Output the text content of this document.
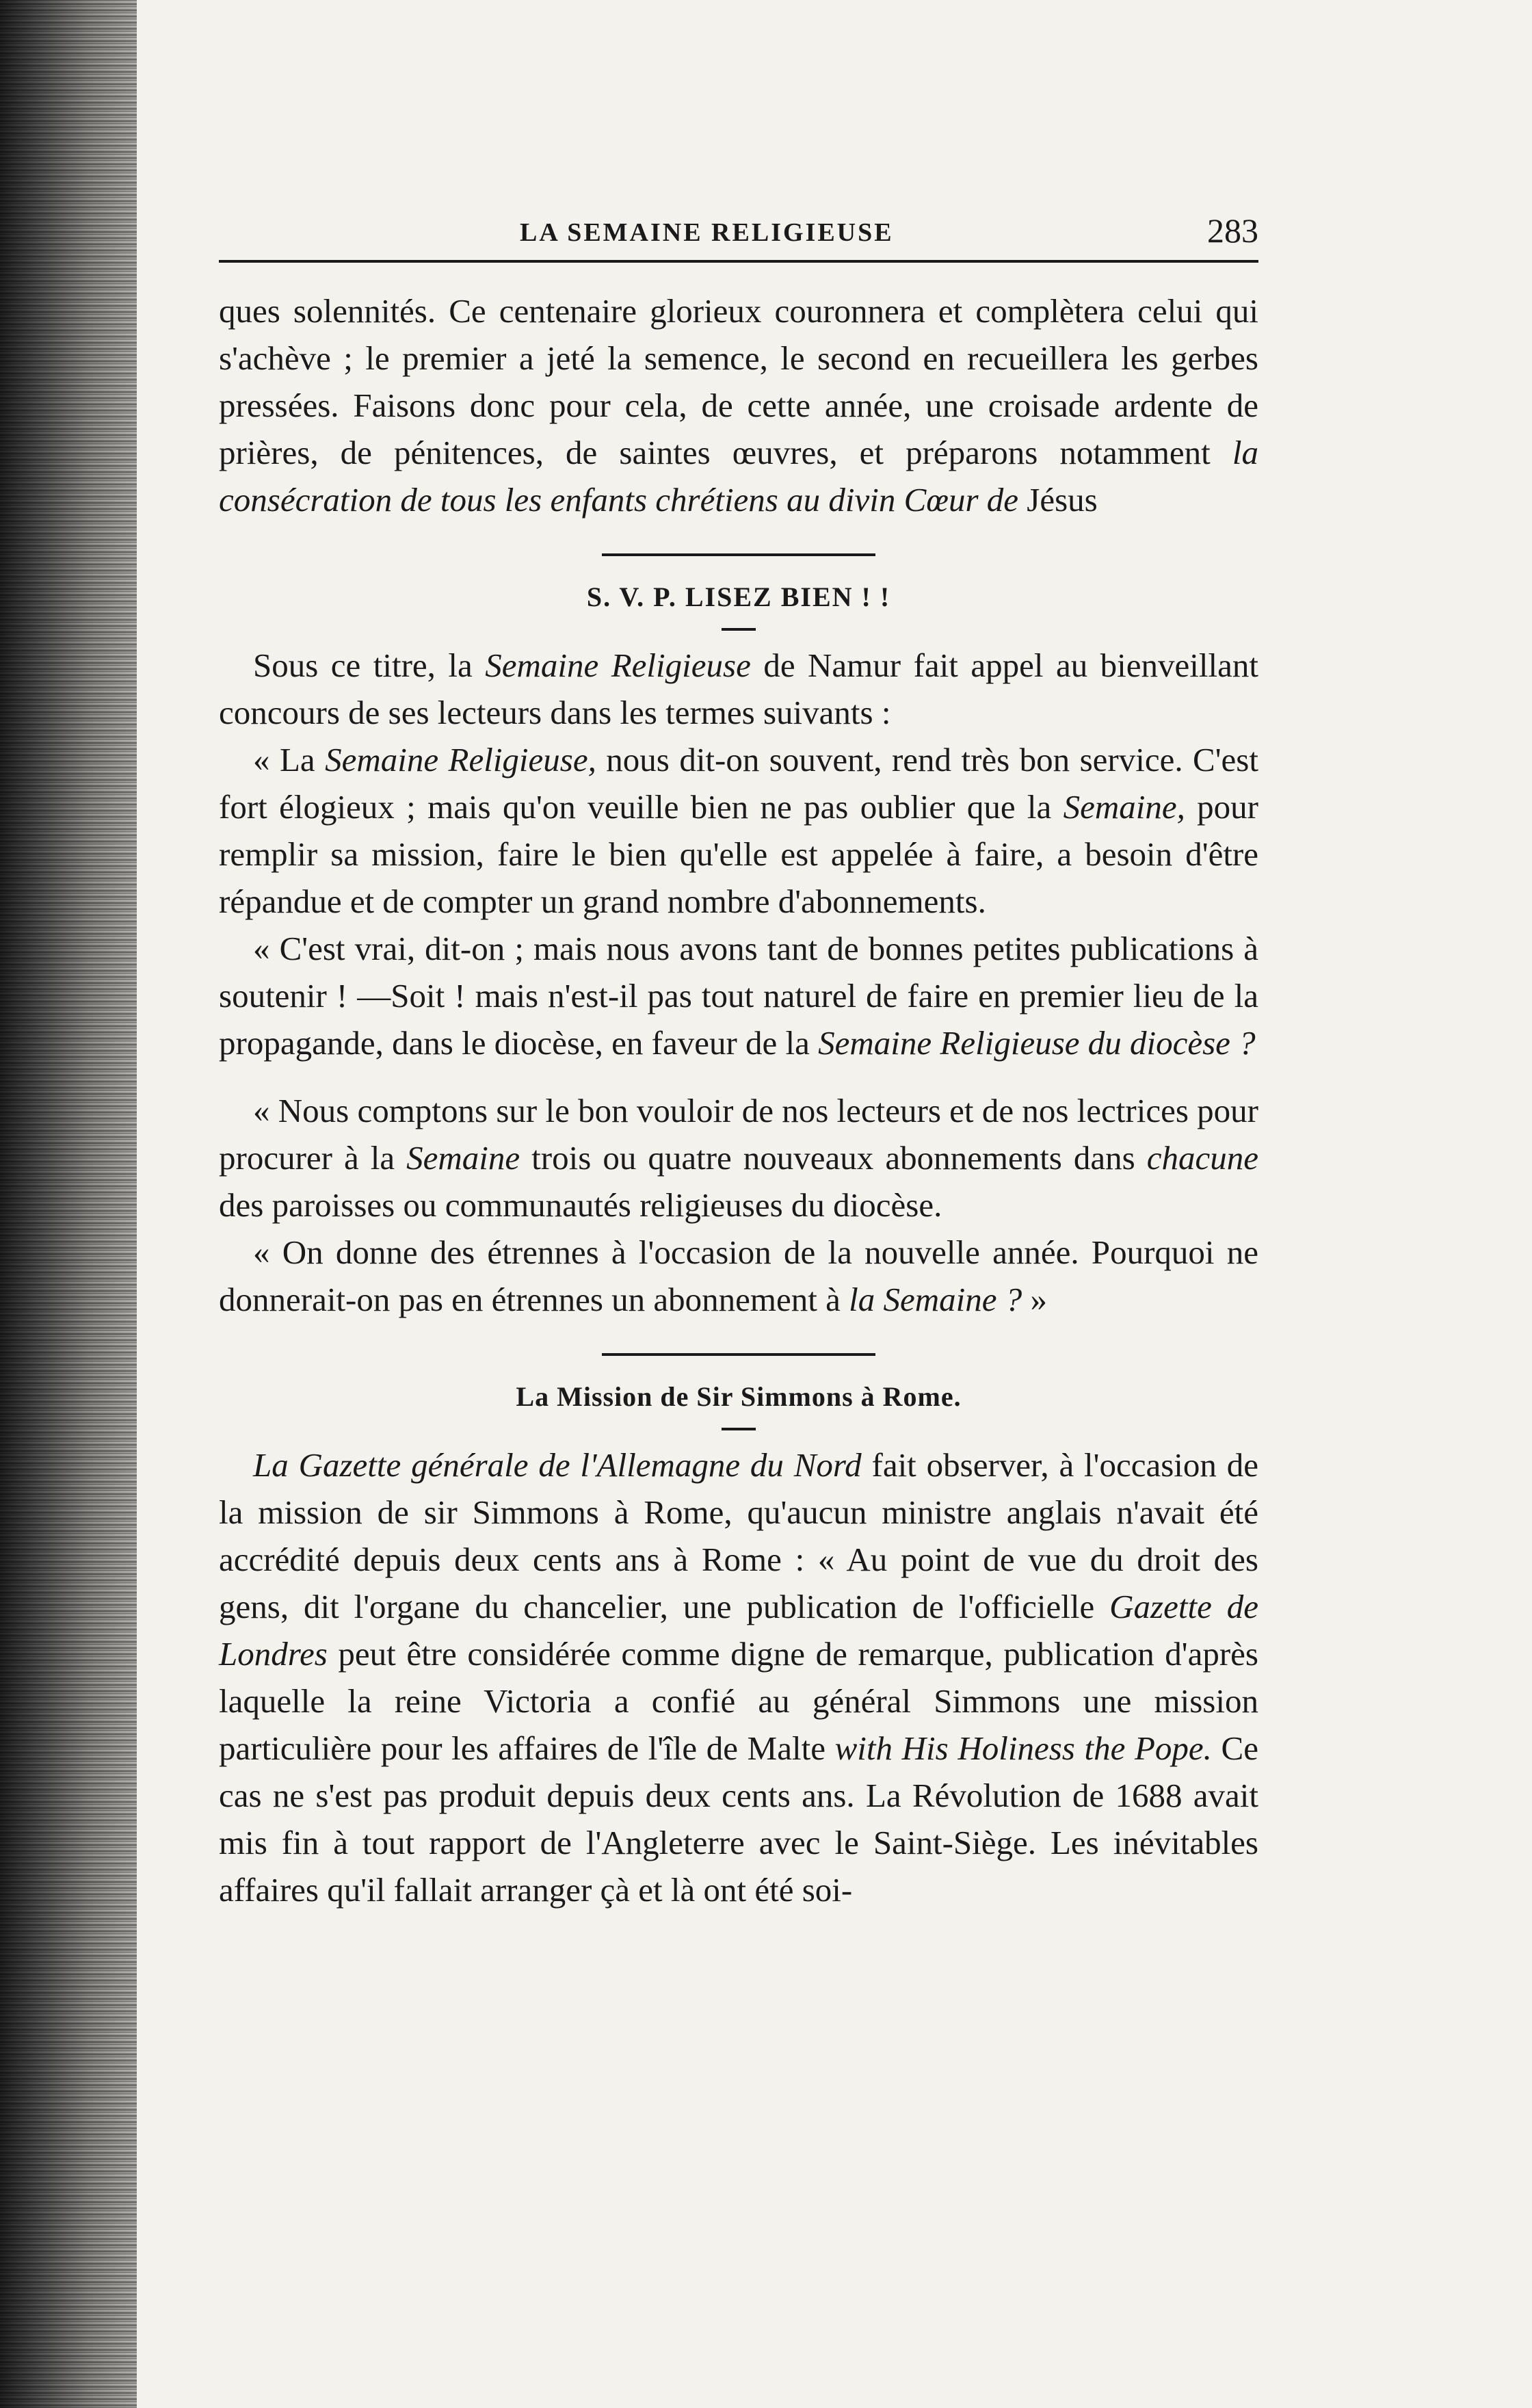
LA SEMAINE RELIGIEUSE	283

ques solennités. Ce centenaire glorieux couronnera et complètera celui qui s'achève ; le premier a jeté la semence, le second en recueillera les gerbes pressées. Faisons donc pour cela, de cette année, une croisade ardente de prières, de pénitences, de saintes œuvres, et préparons notamment la consécration de tous les enfants chrétiens au divin Cœur de Jésus

S. V. P. LISEZ BIEN ! !

Sous ce titre, la Semaine Religieuse de Namur fait appel au bienveillant concours de ses lecteurs dans les termes suivants :

« La Semaine Religieuse, nous dit-on souvent, rend très bon service. C'est fort élogieux ; mais qu'on veuille bien ne pas oublier que la Semaine, pour remplir sa mission, faire le bien qu'elle est appelée à faire, a besoin d'être répandue et de compter un grand nombre d'abonnements.

« C'est vrai, dit-on ; mais nous avons tant de bonnes petites publications à soutenir ! —Soit ! mais n'est-il pas tout naturel de faire en premier lieu de la propagande, dans le diocèse, en faveur de la Semaine Religieuse du diocèse ?

« Nous comptons sur le bon vouloir de nos lecteurs et de nos lectrices pour procurer à la Semaine trois ou quatre nouveaux abonnements dans chacune des paroisses ou communautés religieuses du diocèse.

« On donne des étrennes à l'occasion de la nouvelle année. Pourquoi ne donnerait-on pas en étrennes un abonnement à la Semaine ? »

La Mission de Sir Simmons à Rome.

La Gazette générale de l'Allemagne du Nord fait observer, à l'occasion de la mission de sir Simmons à Rome, qu'aucun ministre anglais n'avait été accrédité depuis deux cents ans à Rome : « Au point de vue du droit des gens, dit l'organe du chancelier, une publication de l'officielle Gazette de Londres peut être considérée comme digne de remarque, publication d'après laquelle la reine Victoria a confié au général Simmons une mission particulière pour les affaires de l'île de Malte with His Holiness the Pope. Ce cas ne s'est pas produit depuis deux cents ans. La Révolution de 1688 avait mis fin à tout rapport de l'Angleterre avec le Saint-Siège. Les inévitables affaires qu'il fallait arranger çà et là ont été soi-
